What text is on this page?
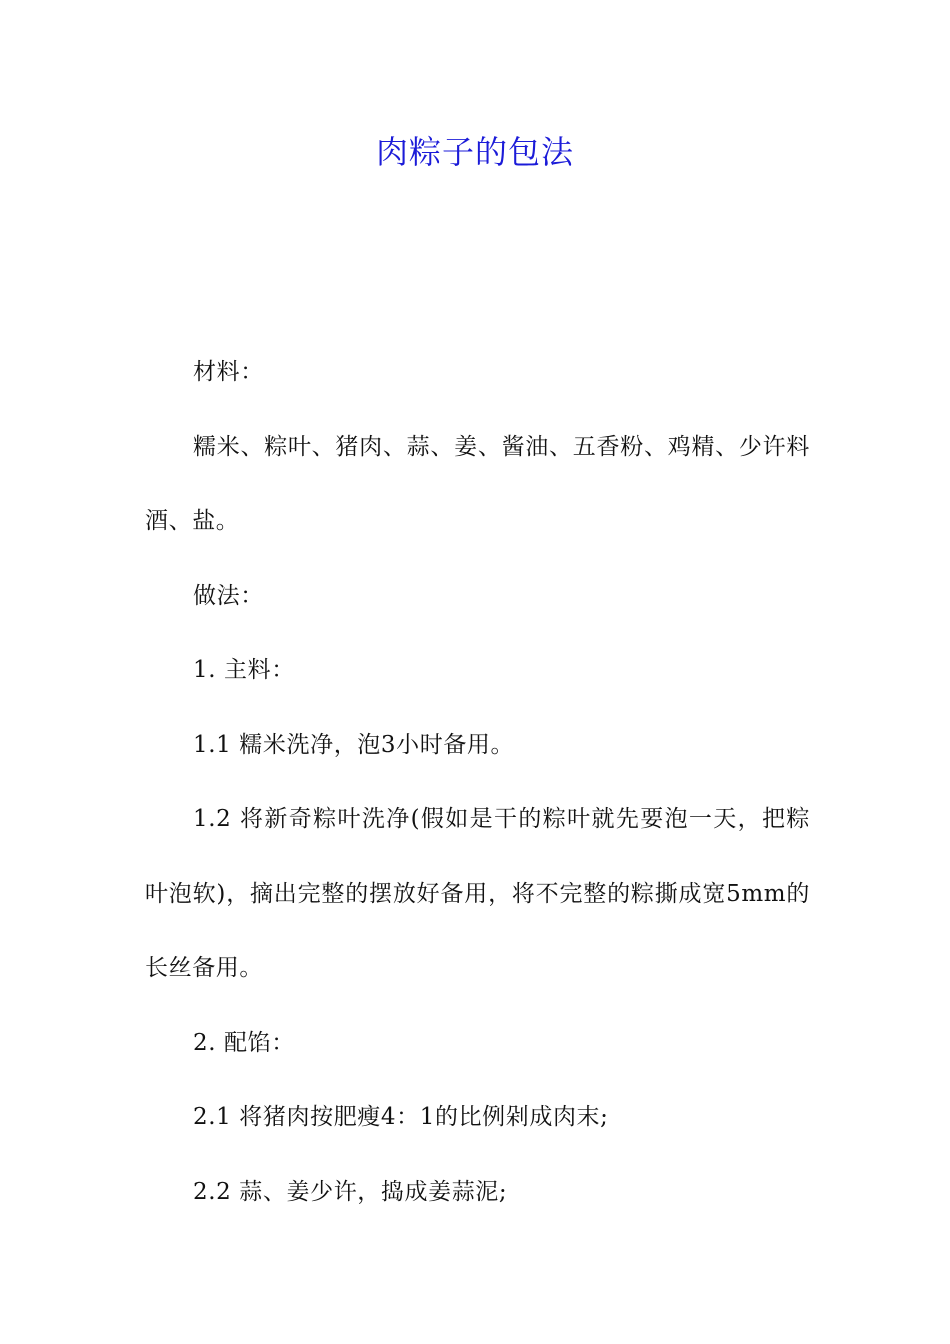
肉粽子的包法

材料：

糯米、粽叶、猪肉、蒜、姜、酱油、五香粉、鸡精、少许料酒、盐。

做法：

1. 主料：

1.1 糯米洗净，泡3小时备用。

1.2 将新奇粽叶洗净(假如是干的粽叶就先要泡一天，把粽叶泡软)，摘出完整的摆放好备用，将不完整的粽撕成宽5mm的长丝备用。

2. 配馅：

2.1 将猪肉按肥瘦4：1的比例剁成肉末;

2.2 蒜、姜少许，捣成姜蒜泥;
